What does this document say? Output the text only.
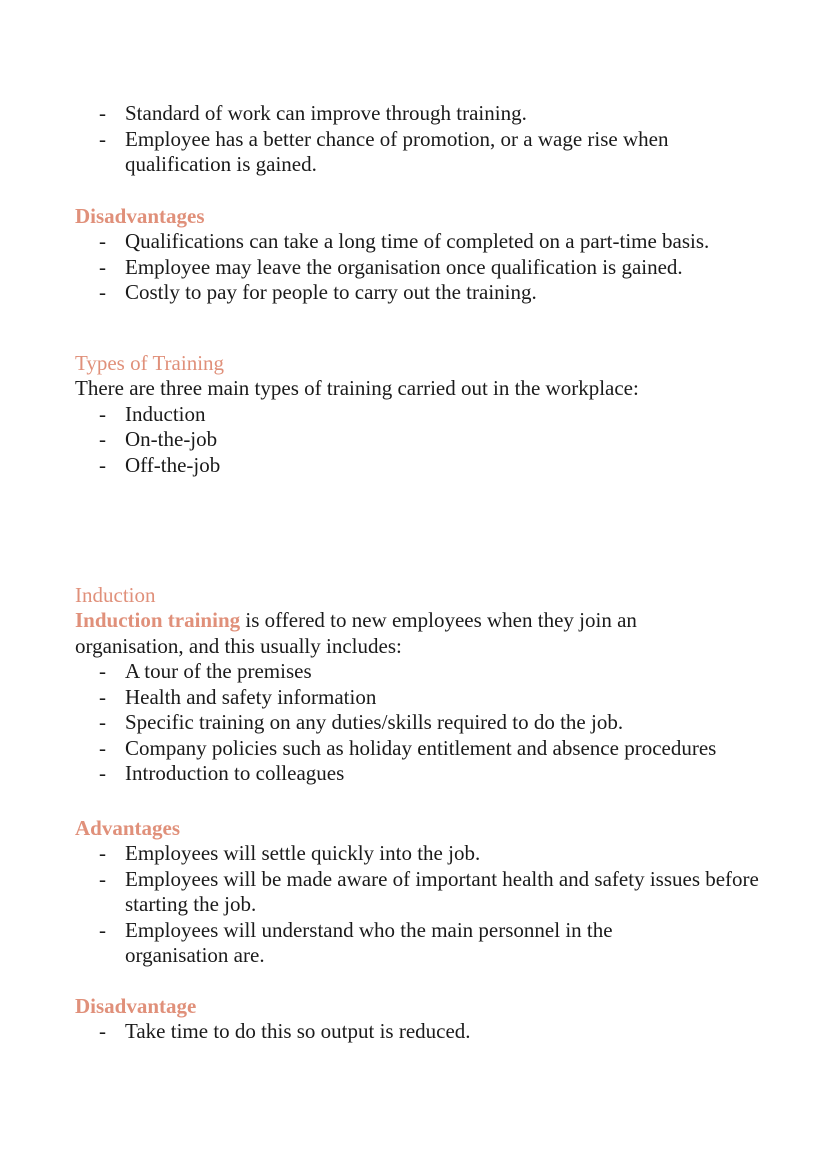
- Standard of work can improve through training.
- Employee has a better chance of promotion, or a wage rise when qualification is gained.
Disadvantages
- Qualifications can take a long time of completed on a part-time basis.
- Employee may leave the organisation once qualification is gained.
- Costly to pay for people to carry out the training.
Types of Training
There are three main types of training carried out in the workplace:
- Induction
- On-the-job
- Off-the-job
Induction
Induction training is offered to new employees when they join an organisation, and this usually includes:
- A tour of the premises
- Health and safety information
- Specific training on any duties/skills required to do the job.
- Company policies such as holiday entitlement and absence procedures
- Introduction to colleagues
Advantages
- Employees will settle quickly into the job.
- Employees will be made aware of important health and safety issues before starting the job.
- Employees will understand who the main personnel in the organisation are.
Disadvantage
- Take time to do this so output is reduced.
